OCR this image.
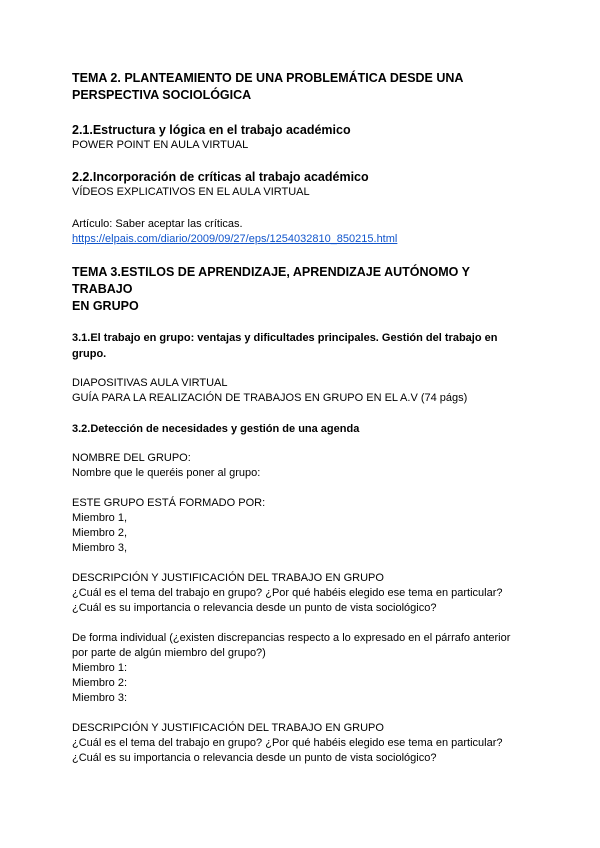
TEMA 2. PLANTEAMIENTO DE UNA PROBLEMÁTICA DESDE UNA
PERSPECTIVA SOCIOLÓGICA
2.1.Estructura y lógica en el trabajo académico
POWER POINT EN AULA VIRTUAL
2.2.Incorporación de críticas al trabajo académico
VÍDEOS EXPLICATIVOS EN EL AULA VIRTUAL
Artículo: Saber aceptar las críticas.
https://elpais.com/diario/2009/09/27/eps/1254032810_850215.html
TEMA 3.ESTILOS DE APRENDIZAJE, APRENDIZAJE AUTÓNOMO Y TRABAJO
EN GRUPO
3.1.El trabajo en grupo: ventajas y dificultades principales. Gestión del trabajo en
grupo.
DIAPOSITIVAS AULA VIRTUAL
GUÍA PARA LA REALIZACIÓN DE TRABAJOS EN GRUPO EN EL A.V (74 págs)
3.2.Detección de necesidades y gestión de una agenda
NOMBRE DEL GRUPO:
Nombre que le queréis poner al grupo:
ESTE GRUPO ESTÁ FORMADO POR:
Miembro 1,
Miembro 2,
Miembro 3,
DESCRIPCIÓN Y JUSTIFICACIÓN DEL TRABAJO EN GRUPO
¿Cuál es el tema del trabajo en grupo? ¿Por qué habéis elegido ese tema en particular?
¿Cuál es su importancia o relevancia desde un punto de vista sociológico?
De forma individual (¿existen discrepancias respecto a lo expresado en el párrafo anterior
por parte de algún miembro del grupo?)
Miembro 1:
Miembro 2:
Miembro 3:
DESCRIPCIÓN Y JUSTIFICACIÓN DEL TRABAJO EN GRUPO
¿Cuál es el tema del trabajo en grupo? ¿Por qué habéis elegido ese tema en particular?
¿Cuál es su importancia o relevancia desde un punto de vista sociológico?
